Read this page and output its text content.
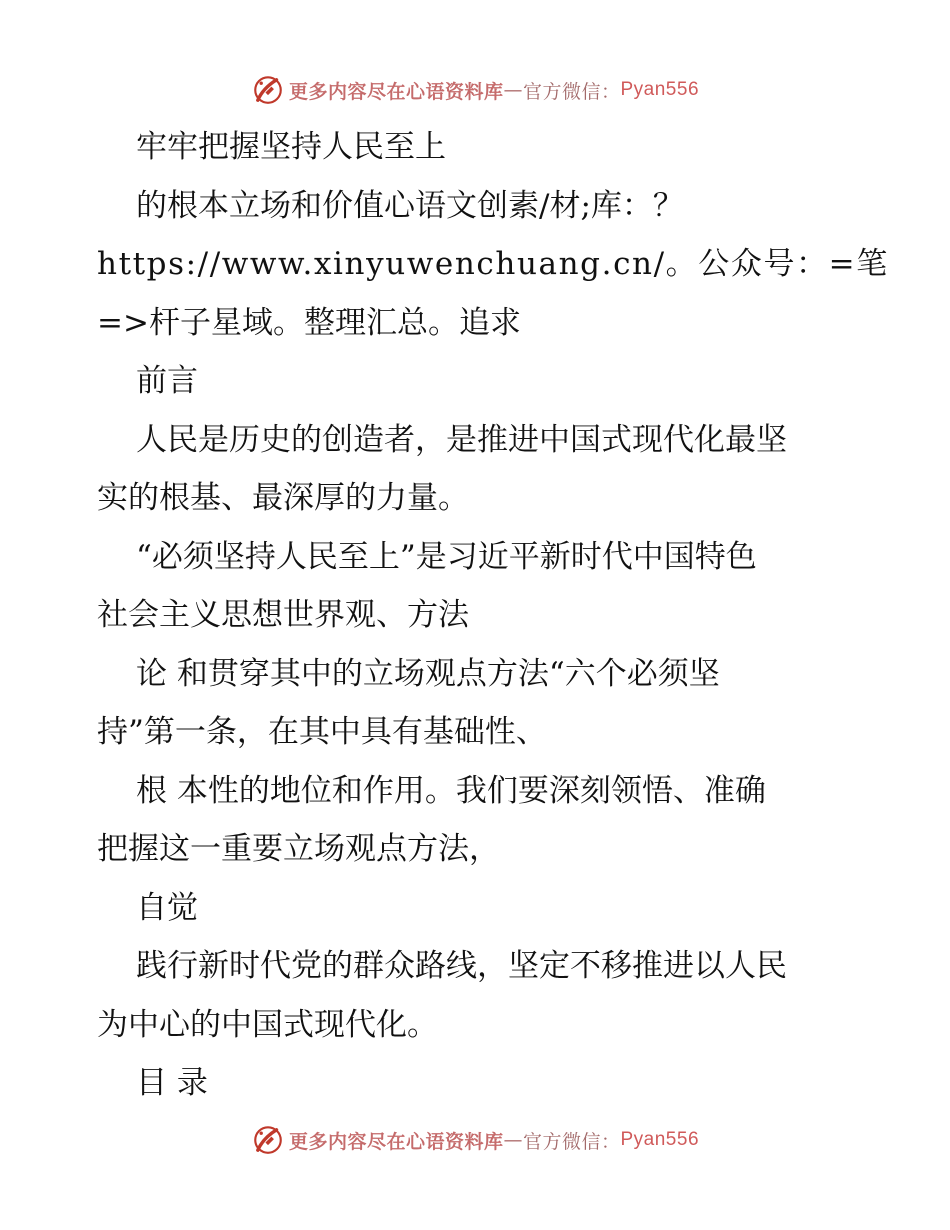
更多内容尽在心语资料库 — 官方微信： Pyan556
牢牢把握坚持人民至上
的根本立场和价值心语文创素/材;库：？
https://www.xinyuwenchuang.cn/。公众号：=笔
=>杆子星域。整理汇总。追求
前言
人民是历史的创造者，是推进中国式现代化最坚
实的根基、最深厚的力量。
“必须坚持人民至上”是习近平新时代中国特色
社会主义思想世界观、方法
论 和贯穿其中的立场观点方法“六个必须坚
持”第一条，在其中具有基础性、
根 本性的地位和作用。我们要深刻领悟、准确
把握这一重要立场观点方法，
自觉
践行新时代党的群众路线，坚定不移推进以人民
为中心的中国式现代化。
目 录
更多内容尽在心语资料库 — 官方微信： Pyan556
